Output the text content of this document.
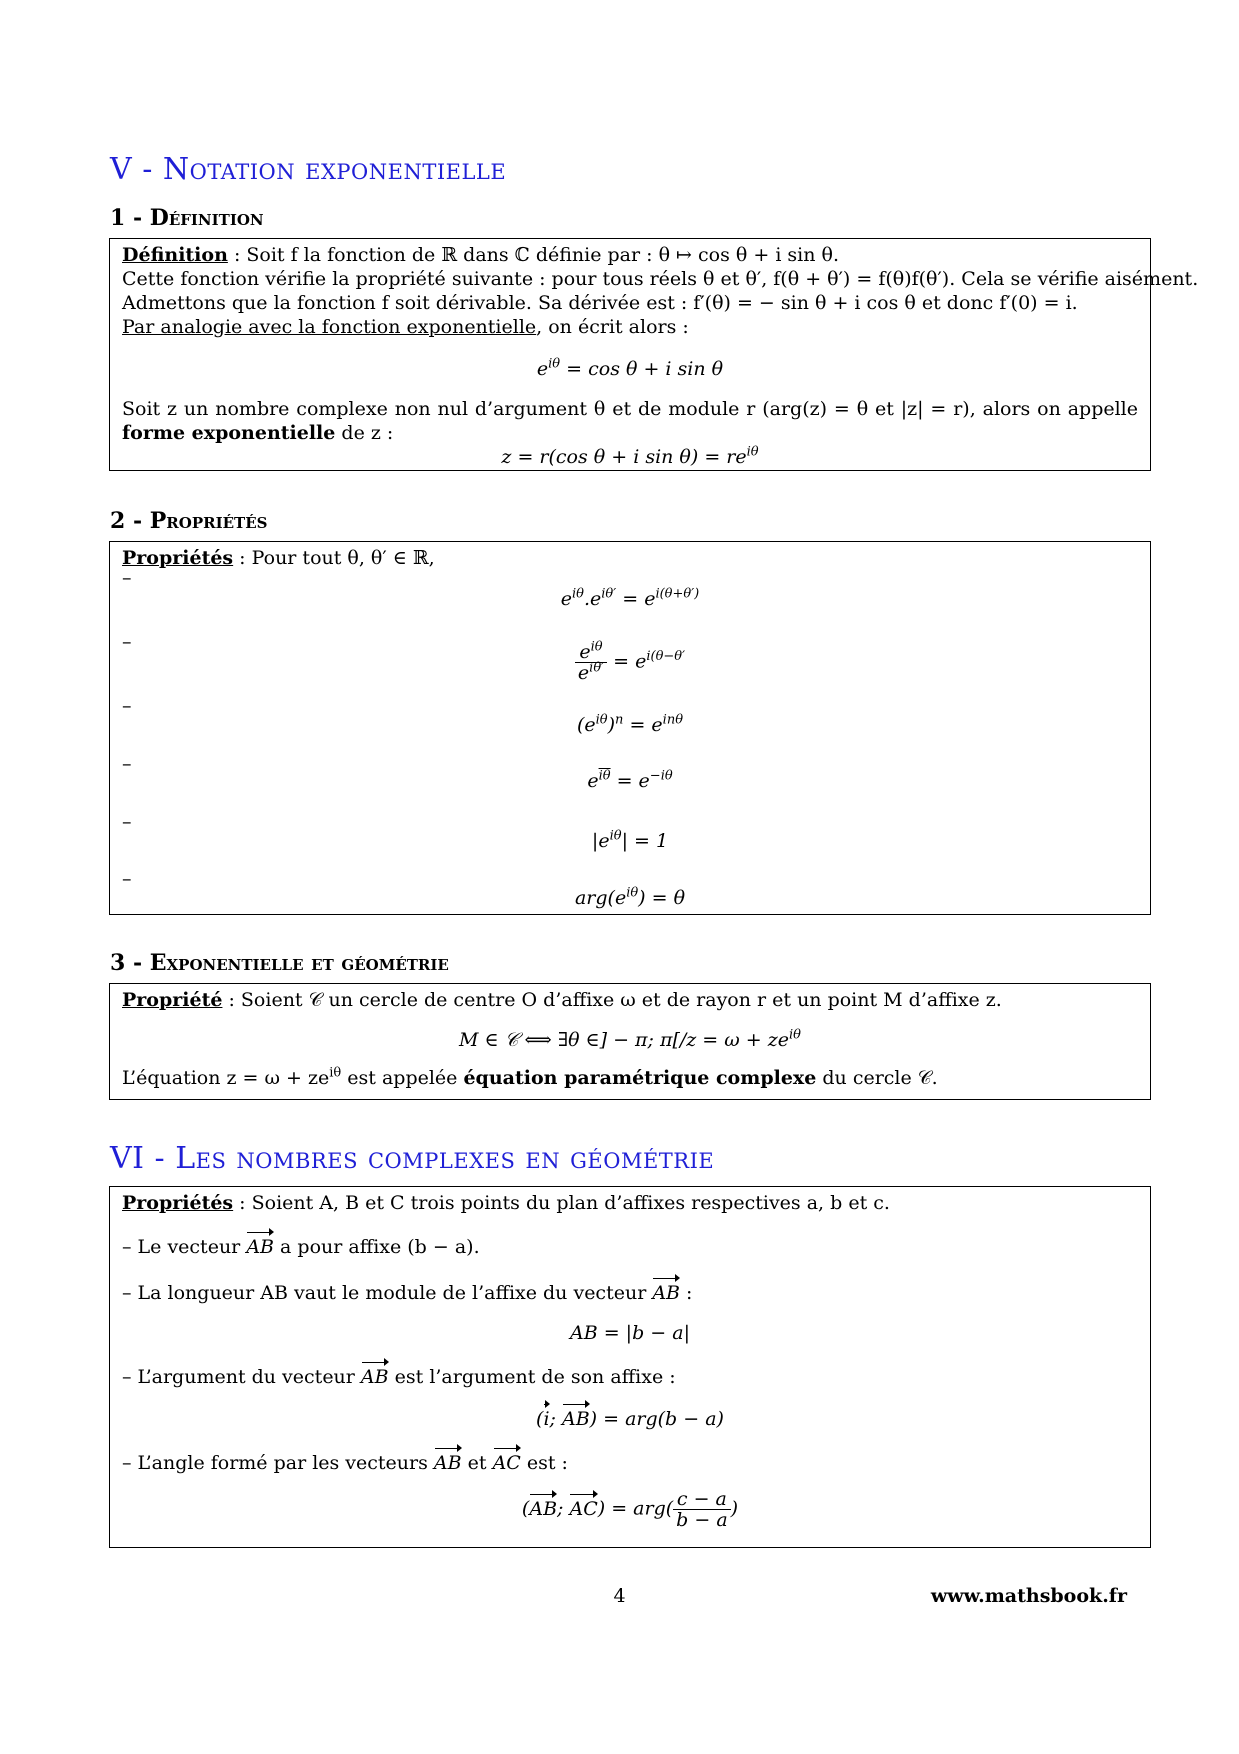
V - Notation exponentielle
1 - Définition
Définition : Soit f la fonction de ℝ dans ℂ définie par : θ ↦ cos θ + i sin θ.
Cette fonction vérifie la propriété suivante : pour tous réels θ et θ′, f(θ + θ′) = f(θ)f(θ′). Cela se vérifie aisément.
Admettons que la fonction f soit dérivable. Sa dérivée est : f′(θ) = − sin θ + i cos θ et donc f′(0) = i.
Par analogie avec la fonction exponentielle, on écrit alors :
$e^{i\theta} = \cos \theta + i$ sin θ
Soit z un nombre complexe non nul d’argument θ et de module r (arg(z) = θ et |z| = r), alors on appelle forme exponentielle de z :
z = r(cos θ + i $\sin \theta) = re^{i\theta}$
2 - Propriétés
Propriétés : Pour tout θ, θ′ ∈ ℝ,
–
$e^{i\theta}.e^{i\theta'} = e^{i(\theta+\theta')}$
–	$\frac{e^{i\theta}}{e^{i\theta'}} = e^{i(\theta-\theta'}$
–
$(e^{i\theta})^n = e^{in\theta}$
–
$e^{\overline{i\theta}} = e^{-i\theta}$
–
$|e^{i\theta}| = 1$
–
$arg(e^{i\theta}) = \theta$
3 - Exponentielle et géométrie
Propriété : Soient 𝒞 un cercle de centre O d’affixe ω et de rayon r et un point M d’affixe z.
M ∈ 𝒞 ⟺ ∃θ ∈] − π; $\pi[/z = \omega + ze^{i\theta}$
L’équation $z = \omega + ze^{i\theta}$ est appelée équation paramétrique complexe du cercle 𝒞.
VI - Les nombres complexes en géométrie
Propriétés : Soient A, B et C trois points du plan d’affixes respectives a, b et c.
– Le vecteur AB a pour affixe (b − a).
– La longueur AB vaut le module de l’affixe du vecteur AB :
AB = |b − a|
– L’argument du vecteur AB est l’argument de son affixe :
(i; AB) = arg(b − a)
– L’angle formé par les vecteurs AB et AC est :
(AB; $AC) = arg( \frac{c - a}{b - a}$ )
4	www.mathsbook.fr
